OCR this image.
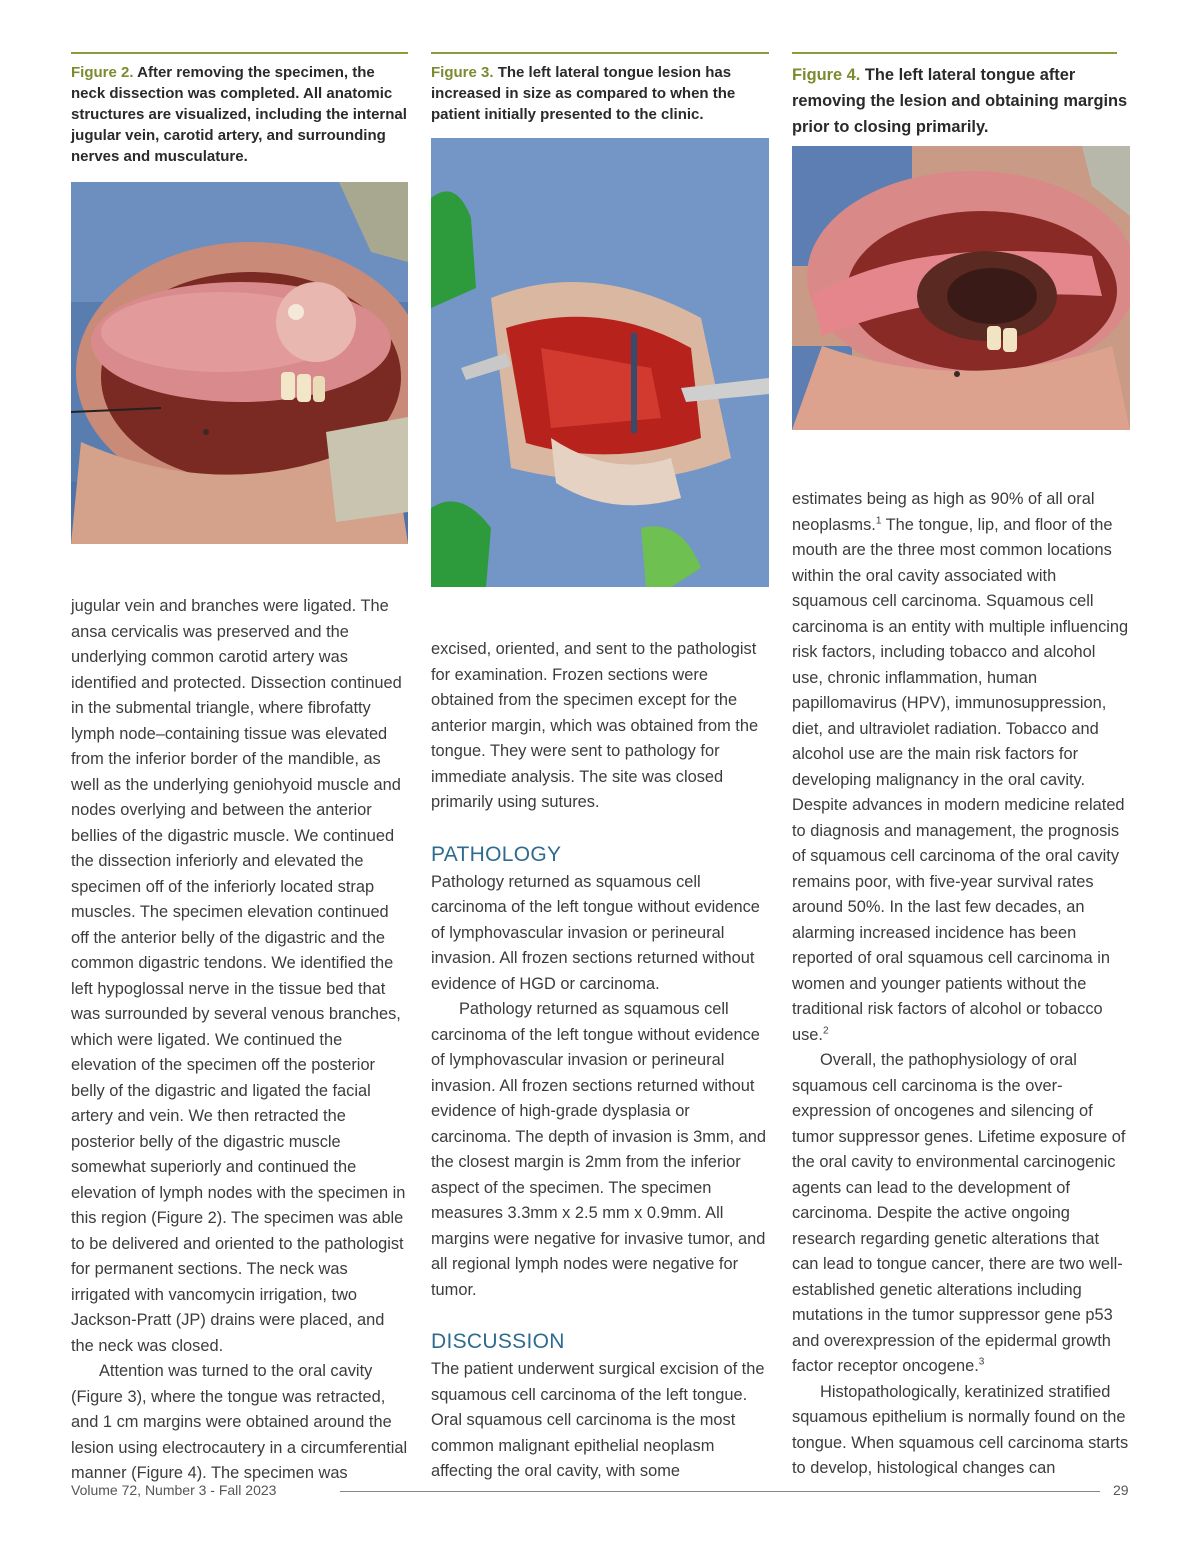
Figure 2. After removing the specimen, the neck dissection was completed. All anatomic structures are visualized, including the internal jugular vein, carotid artery, and surrounding nerves and musculature.

jugular vein and branches were ligated. The ansa cervicalis was preserved and the underlying common carotid artery was identified and protected. Dissection continued in the submental triangle, where fibrofatty lymph node–containing tissue was elevated from the inferior border of the mandible, as well as the underlying geniohyoid muscle and nodes overlying and between the anterior bellies of the digastric muscle. We continued the dissection inferiorly and elevated the specimen off of the inferiorly located strap muscles. The specimen elevation continued off the anterior belly of the digastric and the common digastric tendons. We identified the left hypoglossal nerve in the tissue bed that was surrounded by several venous branches, which were ligated. We continued the elevation of the specimen off the posterior belly of the digastric and ligated the facial artery and vein. We then retracted the posterior belly of the digastric muscle somewhat superiorly and continued the elevation of lymph nodes with the specimen in this region (Figure 2). The specimen was able to be delivered and oriented to the pathologist for permanent sections. The neck was irrigated with vancomycin irrigation, two Jackson-Pratt (JP) drains were placed, and the neck was closed.

Attention was turned to the oral cavity (Figure 3), where the tongue was retracted, and 1 cm margins were obtained around the lesion using electrocautery in a circumferential manner (Figure 4). The specimen was

Figure 3. The left lateral tongue lesion has increased in size as compared to when the patient initially presented to the clinic.

excised, oriented, and sent to the pathologist for examination. Frozen sections were obtained from the specimen except for the anterior margin, which was obtained from the tongue. They were sent to pathology for immediate analysis. The site was closed primarily using sutures.

PATHOLOGY

Pathology returned as squamous cell carcinoma of the left tongue without evidence of lymphovascular invasion or perineural invasion. All frozen sections returned without evidence of HGD or carcinoma.

Pathology returned as squamous cell carcinoma of the left tongue without evidence of lymphovascular invasion or perineural invasion. All frozen sections returned without evidence of high-grade dysplasia or carcinoma. The depth of invasion is 3mm, and the closest margin is 2mm from the inferior aspect of the specimen. The specimen measures 3.3mm x 2.5 mm x 0.9mm. All margins were negative for invasive tumor, and all regional lymph nodes were negative for tumor.

DISCUSSION

The patient underwent surgical excision of the squamous cell carcinoma of the left tongue. Oral squamous cell carcinoma is the most common malignant epithelial neoplasm affecting the oral cavity, with some

Figure 4. The left lateral tongue after removing the lesion and obtaining margins prior to closing primarily.

estimates being as high as 90% of all oral neoplasms.$^1$ The tongue, lip, and floor of the mouth are the three most common locations within the oral cavity associated with squamous cell carcinoma. Squamous cell carcinoma is an entity with multiple influencing risk factors, including tobacco and alcohol use, chronic inflammation, human papillomavirus (HPV), immunosuppression, diet, and ultraviolet radiation. Tobacco and alcohol use are the main risk factors for developing malignancy in the oral cavity. Despite advances in modern medicine related to diagnosis and management, the prognosis of squamous cell carcinoma of the oral cavity remains poor, with five-year survival rates around 50%. In the last few decades, an alarming increased incidence has been reported of oral squamous cell carcinoma in women and younger patients without the traditional risk factors of alcohol or tobacco use.$^2$

Overall, the pathophysiology of oral squamous cell carcinoma is the over-expression of oncogenes and silencing of tumor suppressor genes. Lifetime exposure of the oral cavity to environmental carcinogenic agents can lead to the development of carcinoma. Despite the active ongoing research regarding genetic alterations that can lead to tongue cancer, there are two well-established genetic alterations including mutations in the tumor suppressor gene p53 and overexpression of the epidermal growth factor receptor oncogene.$^3$

Histopathologically, keratinized stratified squamous epithelium is normally found on the tongue. When squamous cell carcinoma starts to develop, histological changes can

Volume 72, Number 3 - Fall 2023	29
